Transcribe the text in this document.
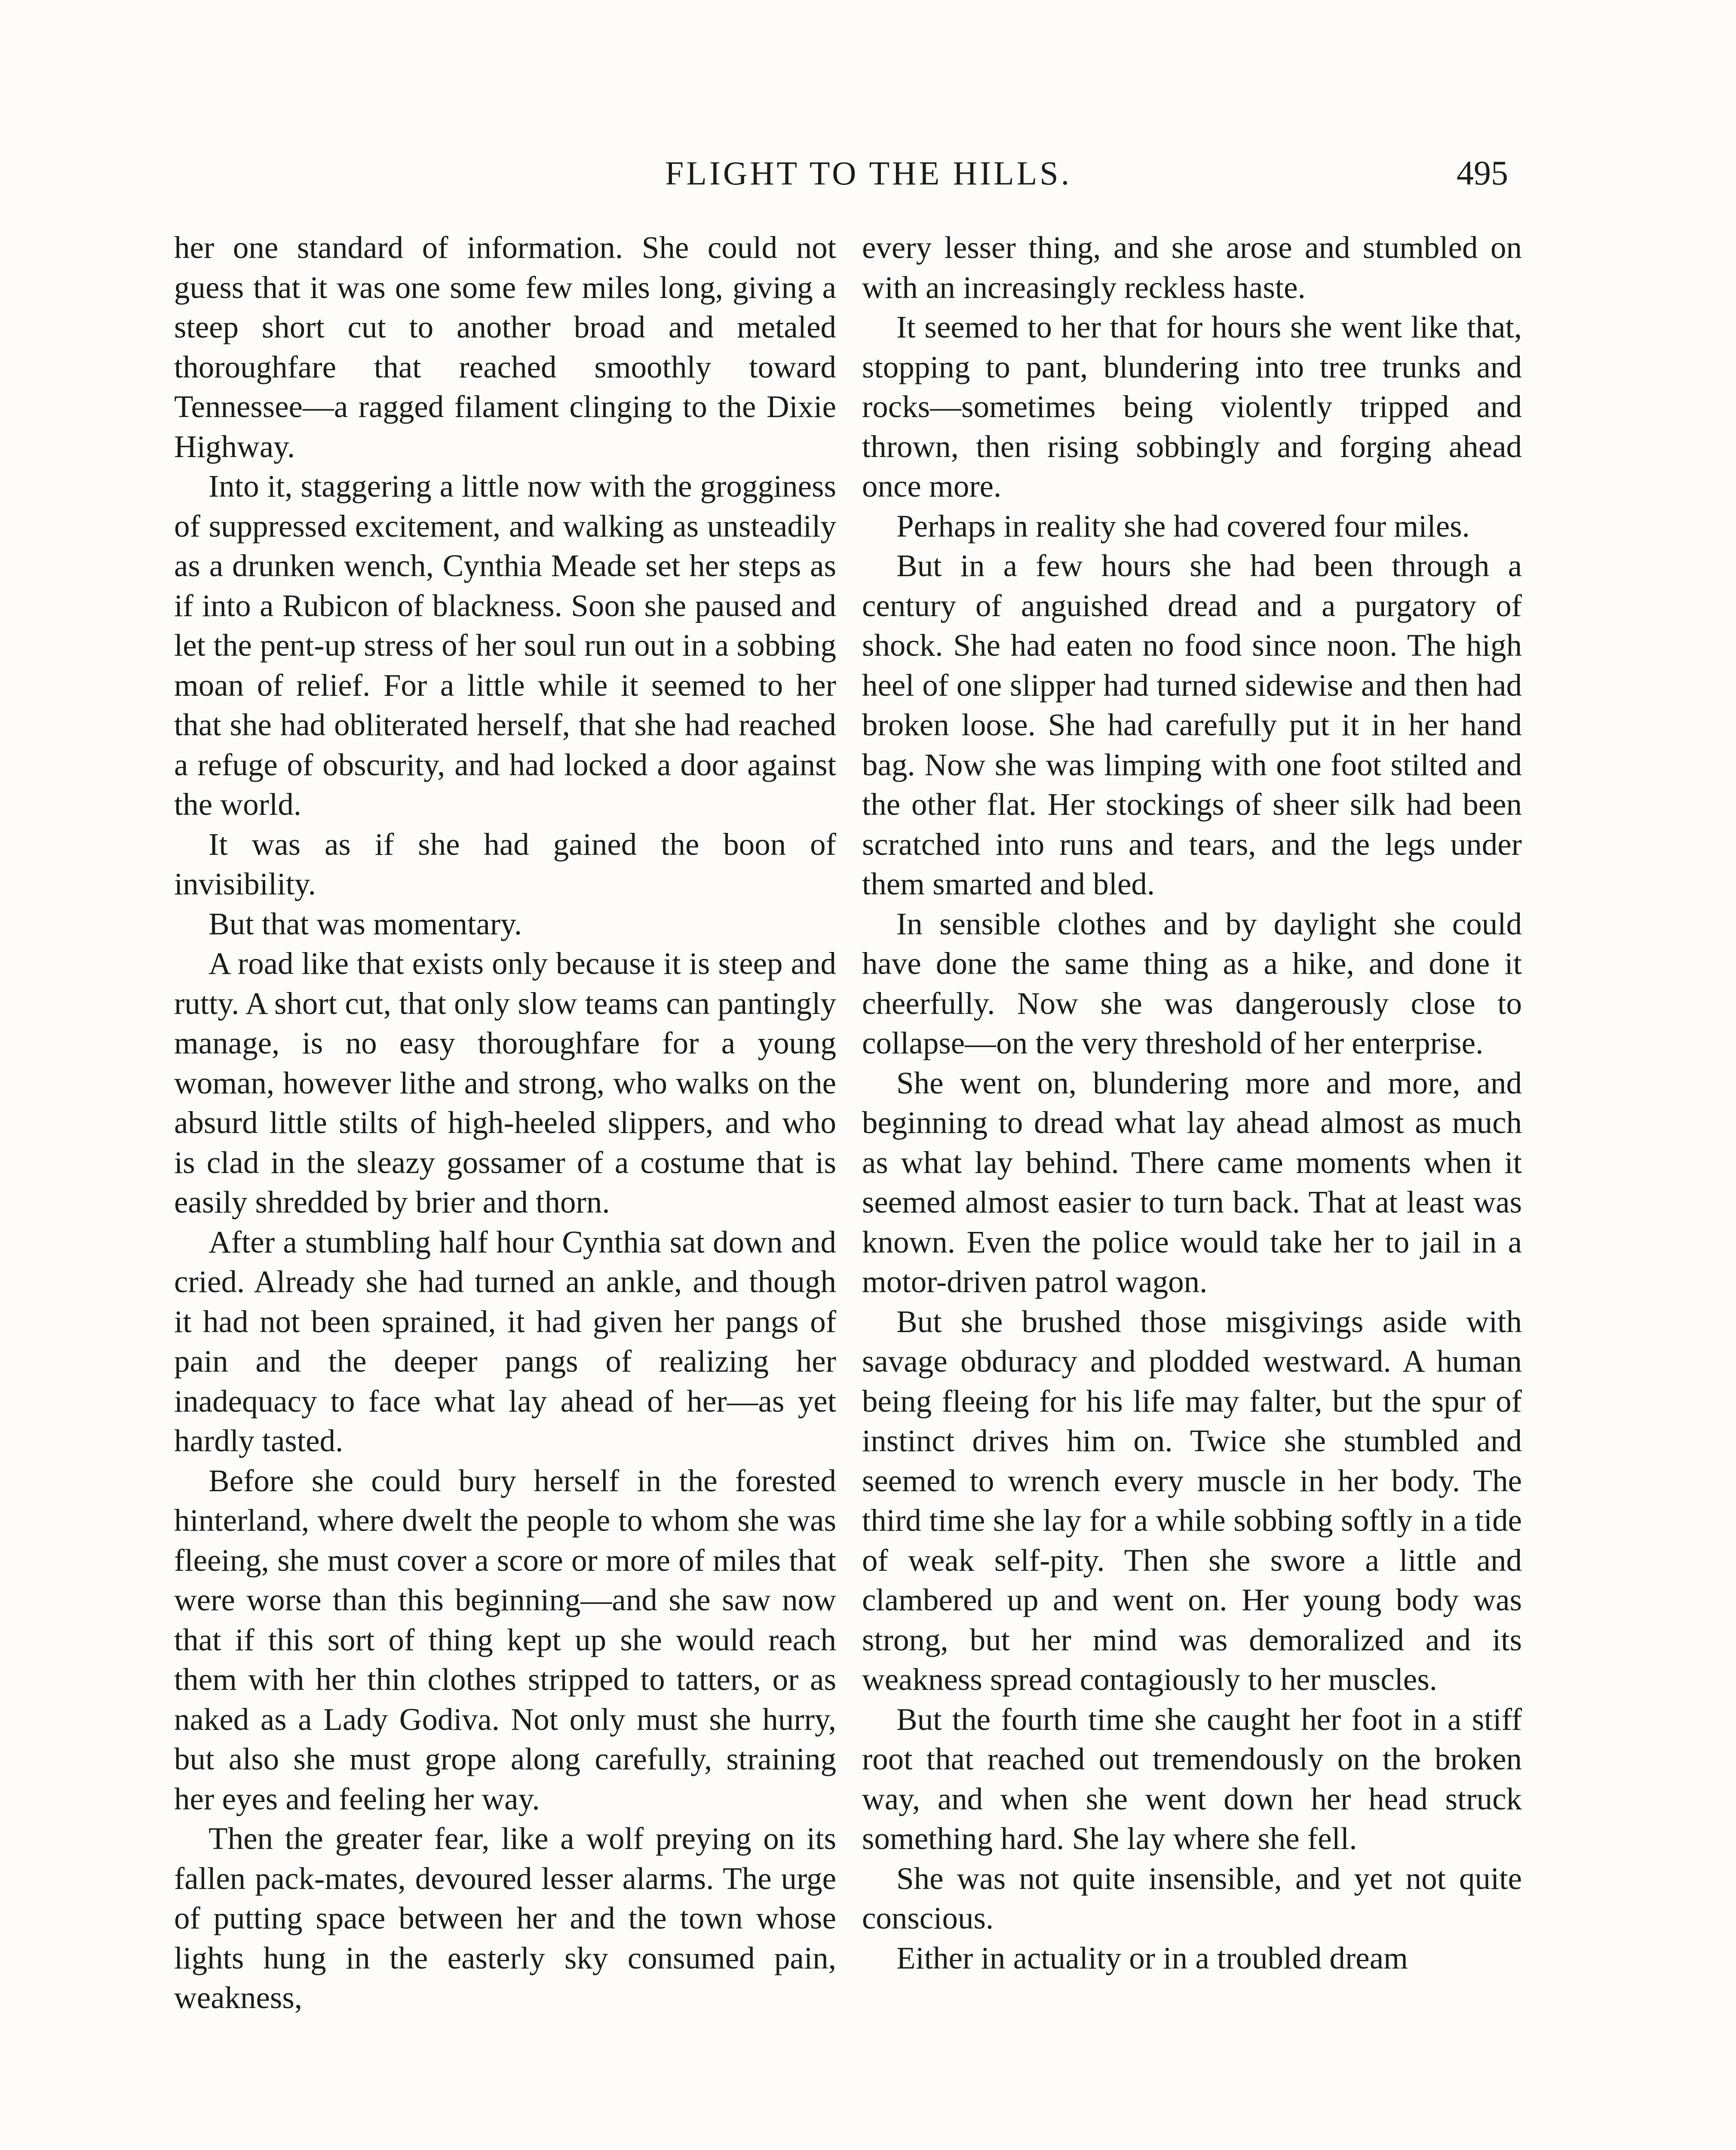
FLIGHT TO THE HILLS.	495

her one standard of information. She could not guess that it was one some few miles long, giving a steep short cut to another broad and metaled thoroughfare that reached smoothly toward Tennessee—a ragged filament clinging to the Dixie Highway.

Into it, staggering a little now with the grogginess of suppressed excitement, and walking as unsteadily as a drunken wench, Cynthia Meade set her steps as if into a Rubicon of blackness. Soon she paused and let the pent-up stress of her soul run out in a sobbing moan of relief. For a little while it seemed to her that she had obliterated herself, that she had reached a refuge of obscurity, and had locked a door against the world.

It was as if she had gained the boon of invisibility.

But that was momentary.

A road like that exists only because it is steep and rutty. A short cut, that only slow teams can pantingly manage, is no easy thoroughfare for a young woman, however lithe and strong, who walks on the absurd little stilts of high-heeled slippers, and who is clad in the sleazy gossamer of a costume that is easily shredded by brier and thorn.

After a stumbling half hour Cynthia sat down and cried. Already she had turned an ankle, and though it had not been sprained, it had given her pangs of pain and the deeper pangs of realizing her inadequacy to face what lay ahead of her—as yet hardly tasted.

Before she could bury herself in the forested hinterland, where dwelt the people to whom she was fleeing, she must cover a score or more of miles that were worse than this beginning—and she saw now that if this sort of thing kept up she would reach them with her thin clothes stripped to tatters, or as naked as a Lady Godiva. Not only must she hurry, but also she must grope along carefully, straining her eyes and feeling her way.

Then the greater fear, like a wolf preying on its fallen pack-mates, devoured lesser alarms. The urge of putting space between her and the town whose lights hung in the easterly sky consumed pain, weakness,

every lesser thing, and she arose and stumbled on with an increasingly reckless haste.

It seemed to her that for hours she went like that, stopping to pant, blundering into tree trunks and rocks—sometimes being violently tripped and thrown, then rising sobbingly and forging ahead once more.

Perhaps in reality she had covered four miles.

But in a few hours she had been through a century of anguished dread and a purgatory of shock. She had eaten no food since noon. The high heel of one slipper had turned sidewise and then had broken loose. She had carefully put it in her hand bag. Now she was limping with one foot stilted and the other flat. Her stockings of sheer silk had been scratched into runs and tears, and the legs under them smarted and bled.

In sensible clothes and by daylight she could have done the same thing as a hike, and done it cheerfully. Now she was dangerously close to collapse—on the very threshold of her enterprise.

She went on, blundering more and more, and beginning to dread what lay ahead almost as much as what lay behind. There came moments when it seemed almost easier to turn back. That at least was known. Even the police would take her to jail in a motor-driven patrol wagon.

But she brushed those misgivings aside with savage obduracy and plodded westward. A human being fleeing for his life may falter, but the spur of instinct drives him on. Twice she stumbled and seemed to wrench every muscle in her body. The third time she lay for a while sobbing softly in a tide of weak self-pity. Then she swore a little and clambered up and went on. Her young body was strong, but her mind was demoralized and its weakness spread contagiously to her muscles.

But the fourth time she caught her foot in a stiff root that reached out tremendously on the broken way, and when she went down her head struck something hard. She lay where she fell.

She was not quite insensible, and yet not quite conscious.

Either in actuality or in a troubled dream
